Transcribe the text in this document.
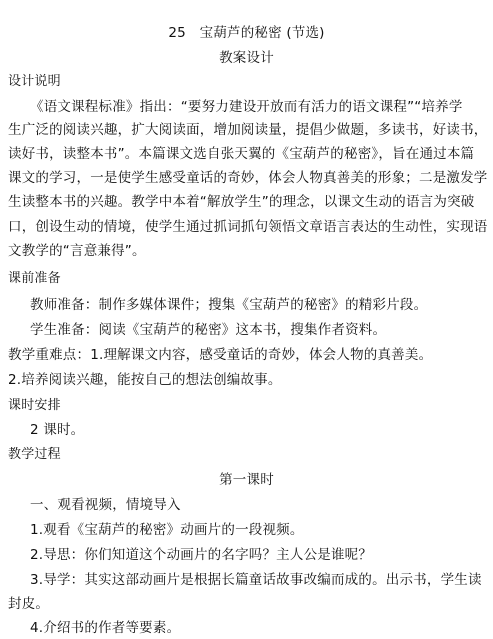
25　宝葫芦的秘密 (节选)
教案设计
设计说明
《语文课程标准》指出：“要努力建设开放而有活力的语文课程”“培养学
生广泛的阅读兴趣，扩大阅读面，增加阅读量，提倡少做题，多读书，好读书，
读好书，读整本书”。本篇课文选自张天翼的《宝葫芦的秘密》，旨在通过本篇
课文的学习，一是使学生感受童话的奇妙，体会人物真善美的形象；二是激发学
生读整本书的兴趣。教学中本着“解放学生”的理念，以课文生动的语言为突破
口，创设生动的情境，使学生通过抓词抓句领悟文章语言表达的生动性，实现语
文教学的“言意兼得”。
课前准备
教师准备：制作多媒体课件；搜集《宝葫芦的秘密》的精彩片段。
学生准备：阅读《宝葫芦的秘密》这本书，搜集作者资料。
教学重难点：1.理解课文内容，感受童话的奇妙，体会人物的真善美。
2.培养阅读兴趣，能按自己的想法创编故事。
课时安排
2 课时。
教学过程
第一课时
一、观看视频，情境导入
1.观看《宝葫芦的秘密》动画片的一段视频。
2.导思：你们知道这个动画片的名字吗？主人公是谁呢？
3.导学：其实这部动画片是根据长篇童话故事改编而成的。出示书，学生读
封皮。
4.介绍书的作者等要素。
